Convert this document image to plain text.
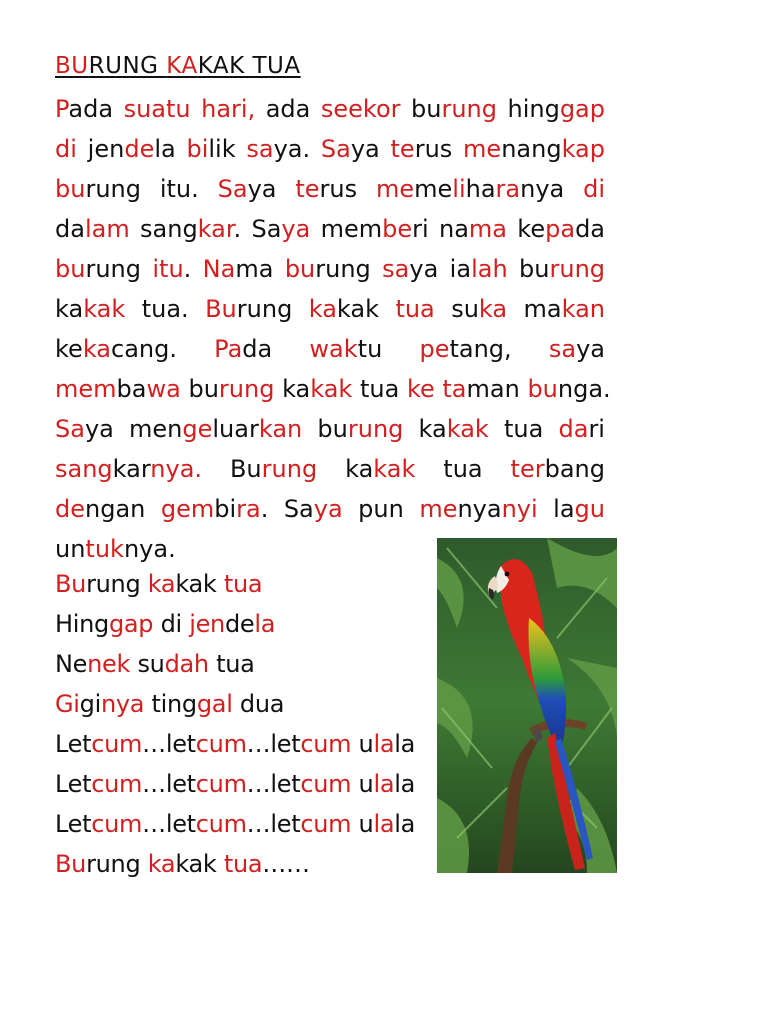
BURUNG KAKAK TUA
Pada suatu hari, ada seekor burung hinggap
di jendela bilik saya. Saya terus menangkap
burung itu. Saya terus memeliharanya di
dalam sangkar. Saya memberi nama kepada
burung itu. Nama burung saya ialah burung
kakak tua. Burung kakak tua suka makan
kekacang. Pada waktu petang, saya
membawa burung kakak tua ke taman bunga.
Saya mengeluarkan burung kakak tua dari
sangkarnya. Burung kakak tua terbang
dengan gembira. Saya pun menyanyi lagu
untuknya.
Burung kakak tua
Hinggap di jendela
Nenek sudah tua
Giginya tinggal dua
Letcum…letcum…letcum ulala
Letcum…letcum…letcum ulala
Letcum…letcum…letcum ulala
Burung kakak tua……
